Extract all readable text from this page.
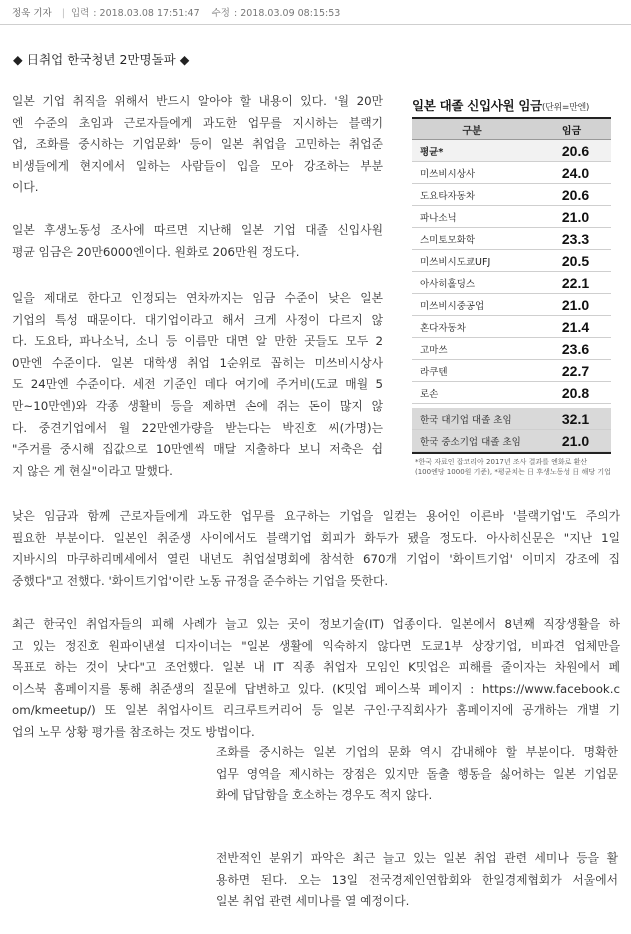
정욱 기자 | 입력 : 2018.03.08 17:51:47 수정 : 2018.03.09 08:15:53
◆ 日취업 한국청년 2만명돌파 ◆
일본 기업 취직을 위해서 반드시 알아야 할 내용이 있다. '월 20만
엔 수준의 초임과 근로자들에게 과도한 업무를 지시하는 블랙기
업, 조화를 중시하는 기업문화' 등이 일본 취업을 고민하는 취업준
비생들에게 현지에서 일하는 사람들이 입을 모아 강조하는 부분
이다.
일본 후생노동성 조사에 따르면 지난해 일본 기업 대졸 신입사원
평균 임금은 20만6000엔이다. 원화로 206만원 정도다.
일을 제대로 한다고 인정되는 연차까지는 임금 수준이 낮은 일본
기업의 특성 때문이다. 대기업이라고 해서 크게 사정이 다르지 않
다. 도요타, 파나소닉, 소니 등 이름만 대면 알 만한 곳들도 모두 2
0만엔 수준이다. 일본 대학생 취업 1순위로 꼽히는 미쓰비시상사
도 24만엔 수준이다. 세전 기준인 데다 여기에 주거비(도쿄 매월 5
만~10만엔)와 각종 생활비 등을 제하면 손에 쥐는 돈이 많지 않
다. 중견기업에서 월 22만엔가량을 받는다는 박진호 씨(가명)는
"주거를 중시해 집값으로 10만엔씩 매달 지출하다 보니 저축은 쉽
지 않은 게 현실"이라고 말했다.
낮은 임금과 함께 근로자들에게 과도한 업무를 요구하는 기업을 일컫는 용어인 이른바 '블랙기업'도 주의가
필요한 부분이다. 일본인 취준생 사이에서도 블랙기업 회피가 화두가 됐을 정도다. 아사히신문은 "지난 1일
지바시의 마쿠하리메세에서 열린 내년도 취업설명회에 참석한 670개 기업이 '화이트기업' 이미지 강조에 집
중했다"고 전했다. '화이트기업'이란 노동 규정을 준수하는 기업을 뜻한다.
최근 한국인 취업자들의 피해 사례가 늘고 있는 곳이 정보기술(IT) 업종이다. 일본에서 8년째 직장생활을 하
고 있는 정진호 원파이낸셜 디자이너는 "일본 생활에 익숙하지 않다면 도쿄1부 상장기업, 비파견 업체만을
목표로 하는 것이 낫다"고 조언했다. 일본 내 IT 직종 취업자 모임인 K밋업은 피해를 줄이자는 차원에서 페
이스북 홈페이지를 통해 취준생의 질문에 답변하고 있다. (K밋업 페이스북 페이지 : https://www.facebook.c
om/kmeetup/) 또 일본 취업사이트 리크루트커리어 등 일본 구인·구직회사가 홈페이지에 공개하는 개별 기
업의 노무 상황 평가를 참조하는 것도 방법이다.
조화를 중시하는 일본 기업의 문화 역시 감내해야 할 부분이다. 명확한
업무 영역을 제시하는 장점은 있지만 돌출 행동을 싫어하는 일본 기업문
화에 답답함을 호소하는 경우도 적지 않다.
전반적인 분위기 파악은 최근 늘고 있는 일본 취업 관련 세미나 등을 활
용하면 된다. 오는 13일 전국경제인연합회와 한일경제협회가 서울에서
일본 취업 관련 세미나를 열 예정이다.
일본 대졸 신입사원 임금(단위=만엔)
구분	임금
평균*	20.6
미쓰비시상사	24.0
도요타자동차	20.6
파나소닉	21.0
스미토모화학	23.3
미쓰비시도쿄UFJ	20.5
아사히홀딩스	22.1
미쓰비시중공업	21.0
혼다자동차	21.4
고마쓰	23.6
라쿠텐	22.7
로손	20.8
한국 대기업 대졸 초임	32.1
한국 중소기업 대졸 초임	21.0
*한국 자료인 잡코리아 2017년 조사 결과를 엔화로 환산
(100엔당 1000원 기준), *평균치는 日 후생노동성 日 해당 기업
